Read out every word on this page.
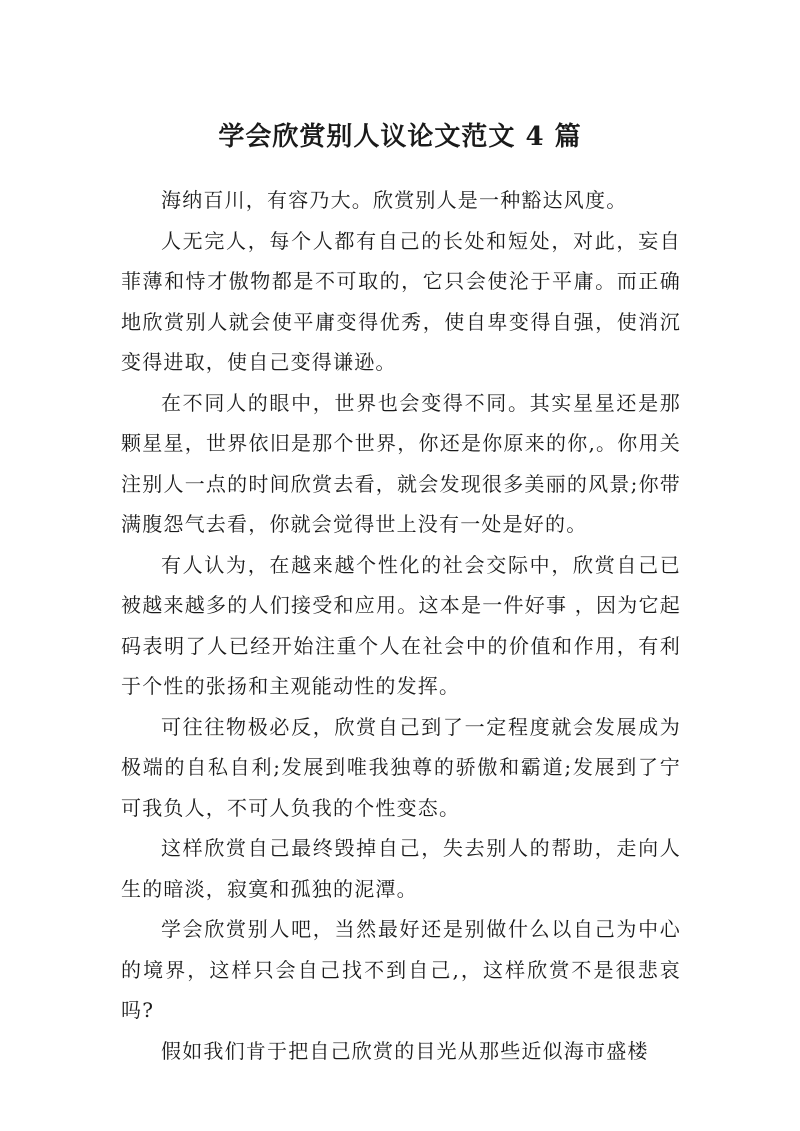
学会欣赏别人议论文范文 4 篇

海纳百川，有容乃大。欣赏别人是一种豁达风度。

人无完人，每个人都有自己的长处和短处，对此，妄自菲薄和恃才傲物都是不可取的，它只会使沦于平庸。而正确地欣赏别人就会使平庸变得优秀，使自卑变得自强，使消沉变得进取，使自己变得谦逊。

在不同人的眼中，世界也会变得不同。其实星星还是那颗星星，世界依旧是那个世界，你还是你原来的你,。你用关注别人一点的时间欣赏去看，就会发现很多美丽的风景;你带满腹怨气去看，你就会觉得世上没有一处是好的。

有人认为，在越来越个性化的社会交际中，欣赏自己已被越来越多的人们接受和应用。这本是一件好事 ，因为它起码表明了人已经开始注重个人在社会中的价值和作用，有利于个性的张扬和主观能动性的发挥。

可往往物极必反，欣赏自己到了一定程度就会发展成为极端的自私自利;发展到唯我独尊的骄傲和霸道;发展到了宁可我负人，不可人负我的个性变态。

这样欣赏自己最终毁掉自己，失去别人的帮助，走向人生的暗淡，寂寞和孤独的泥潭。

学会欣赏别人吧，当然最好还是别做什么以自己为中心的境界，这样只会自己找不到自己,，这样欣赏不是很悲哀吗?

假如我们肯于把自己欣赏的目光从那些近似海市盛楼
